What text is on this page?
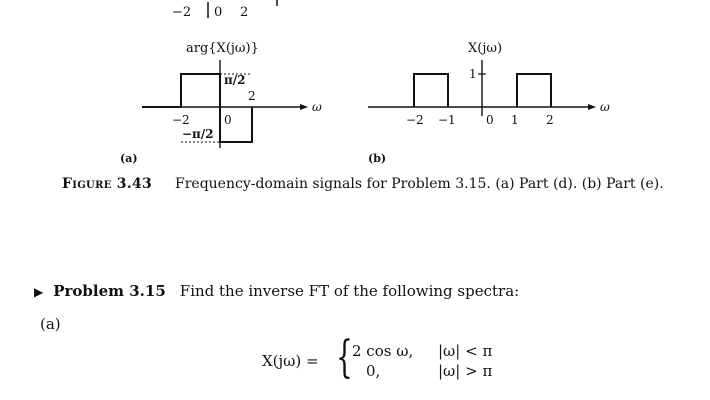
−2 0 2
arg{X(jω)}
ω
π/2
−π/2
2
−2	0
(a)
X(jω)
ω
1
−2 −1	0 1 2
(b)
Figure 3.43 Frequency-domain signals for Problem 3.15. (a) Part (d). (b) Part (e).
▶ Problem 3.15 Find the inverse FT of the following spectra:
(a)
X(jω) = { 2 cos ω, |ω| < π
0,	|ω| > π
